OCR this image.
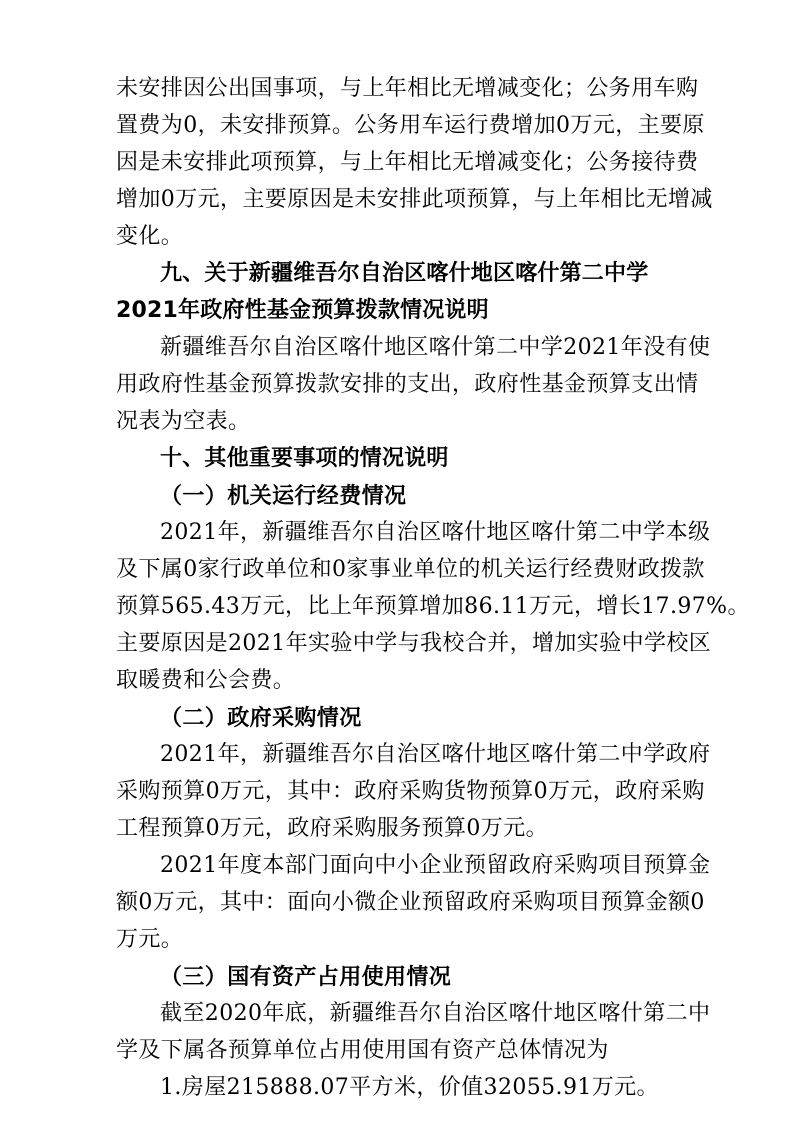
未安排因公出国事项，与上年相比无增减变化；公务用车购
置费为0，未安排预算。公务用车运行费增加0万元，主要原
因是未安排此项预算，与上年相比无增减变化；公务接待费
增加0万元，主要原因是未安排此项预算，与上年相比无增减
变化。
九、关于新疆维吾尔自治区喀什地区喀什第二中学
2021年政府性基金预算拨款情况说明
新疆维吾尔自治区喀什地区喀什第二中学2021年没有使
用政府性基金预算拨款安排的支出，政府性基金预算支出情
况表为空表。
十、其他重要事项的情况说明
（一）机关运行经费情况
2021年，新疆维吾尔自治区喀什地区喀什第二中学本级
及下属0家行政单位和0家事业单位的机关运行经费财政拨款
预算565.43万元，比上年预算增加86.11万元，增长17.97%。
主要原因是2021年实验中学与我校合并，增加实验中学校区
取暖费和公会费。
（二）政府采购情况
2021年，新疆维吾尔自治区喀什地区喀什第二中学政府
采购预算0万元，其中：政府采购货物预算0万元，政府采购
工程预算0万元，政府采购服务预算0万元。
2021年度本部门面向中小企业预留政府采购项目预算金
额0万元，其中：面向小微企业预留政府采购项目预算金额0
万元。
（三）国有资产占用使用情况
截至2020年底，新疆维吾尔自治区喀什地区喀什第二中
学及下属各预算单位占用使用国有资产总体情况为
1.房屋215888.07平方米，价值32055.91万元。
